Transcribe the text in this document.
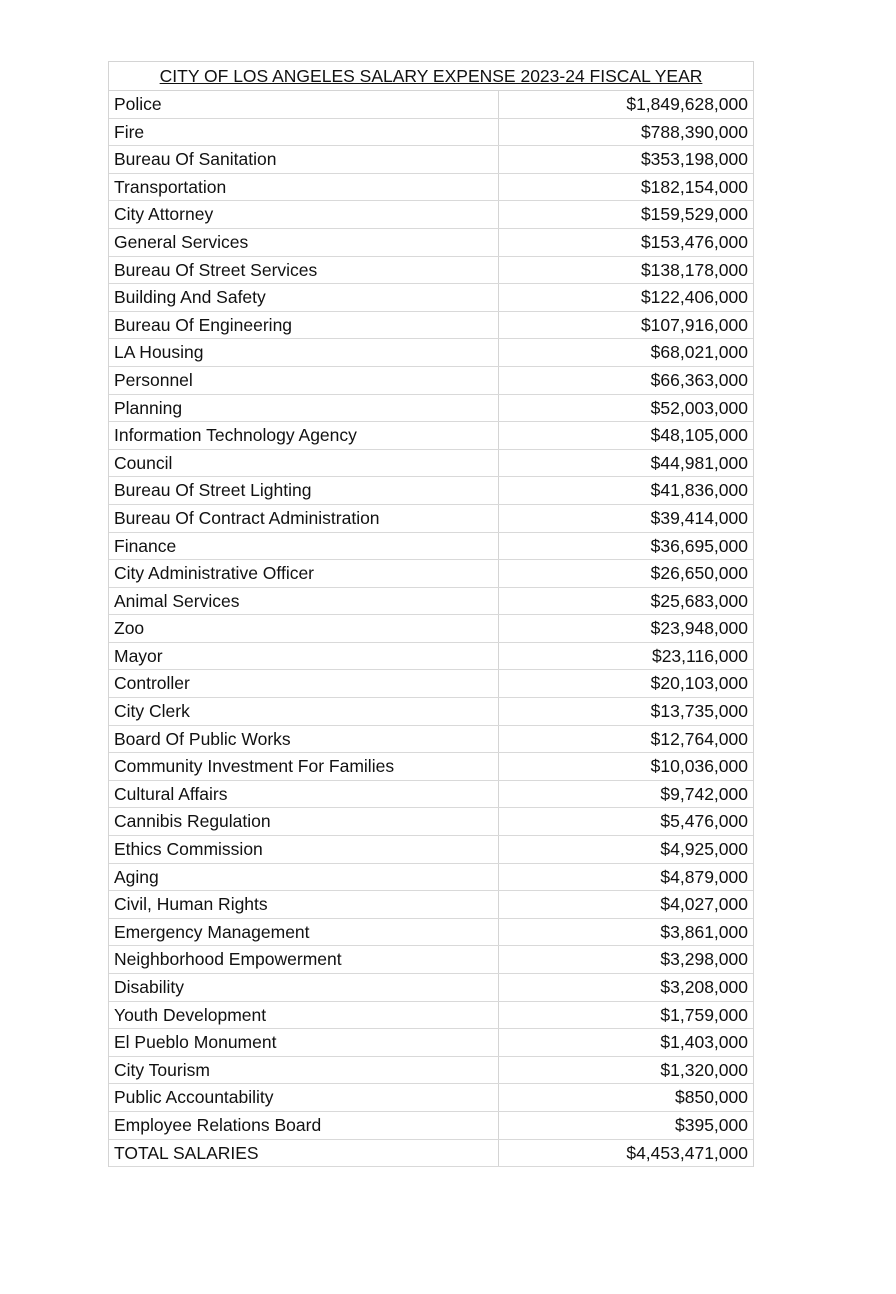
CITY OF LOS ANGELES SALARY EXPENSE 2023-24 FISCAL YEAR
Police	$1,849,628,000
Fire	$788,390,000
Bureau Of Sanitation	$353,198,000
Transportation	$182,154,000
City Attorney	$159,529,000
General Services	$153,476,000
Bureau Of Street Services	$138,178,000
Building And Safety	$122,406,000
Bureau Of Engineering	$107,916,000
LA Housing	$68,021,000
Personnel	$66,363,000
Planning	$52,003,000
Information Technology Agency	$48,105,000
Council	$44,981,000
Bureau Of Street Lighting	$41,836,000
Bureau Of Contract Administration	$39,414,000
Finance	$36,695,000
City Administrative Officer	$26,650,000
Animal Services	$25,683,000
Zoo	$23,948,000
Mayor	$23,116,000
Controller	$20,103,000
City Clerk	$13,735,000
Board Of Public Works	$12,764,000
Community Investment For Families	$10,036,000
Cultural Affairs	$9,742,000
Cannibis Regulation	$5,476,000
Ethics Commission	$4,925,000
Aging	$4,879,000
Civil, Human Rights	$4,027,000
Emergency Management	$3,861,000
Neighborhood Empowerment	$3,298,000
Disability	$3,208,000
Youth Development	$1,759,000
El Pueblo Monument	$1,403,000
City Tourism	$1,320,000
Public Accountability	$850,000
Employee Relations Board	$395,000
TOTAL SALARIES	$4,453,471,000
